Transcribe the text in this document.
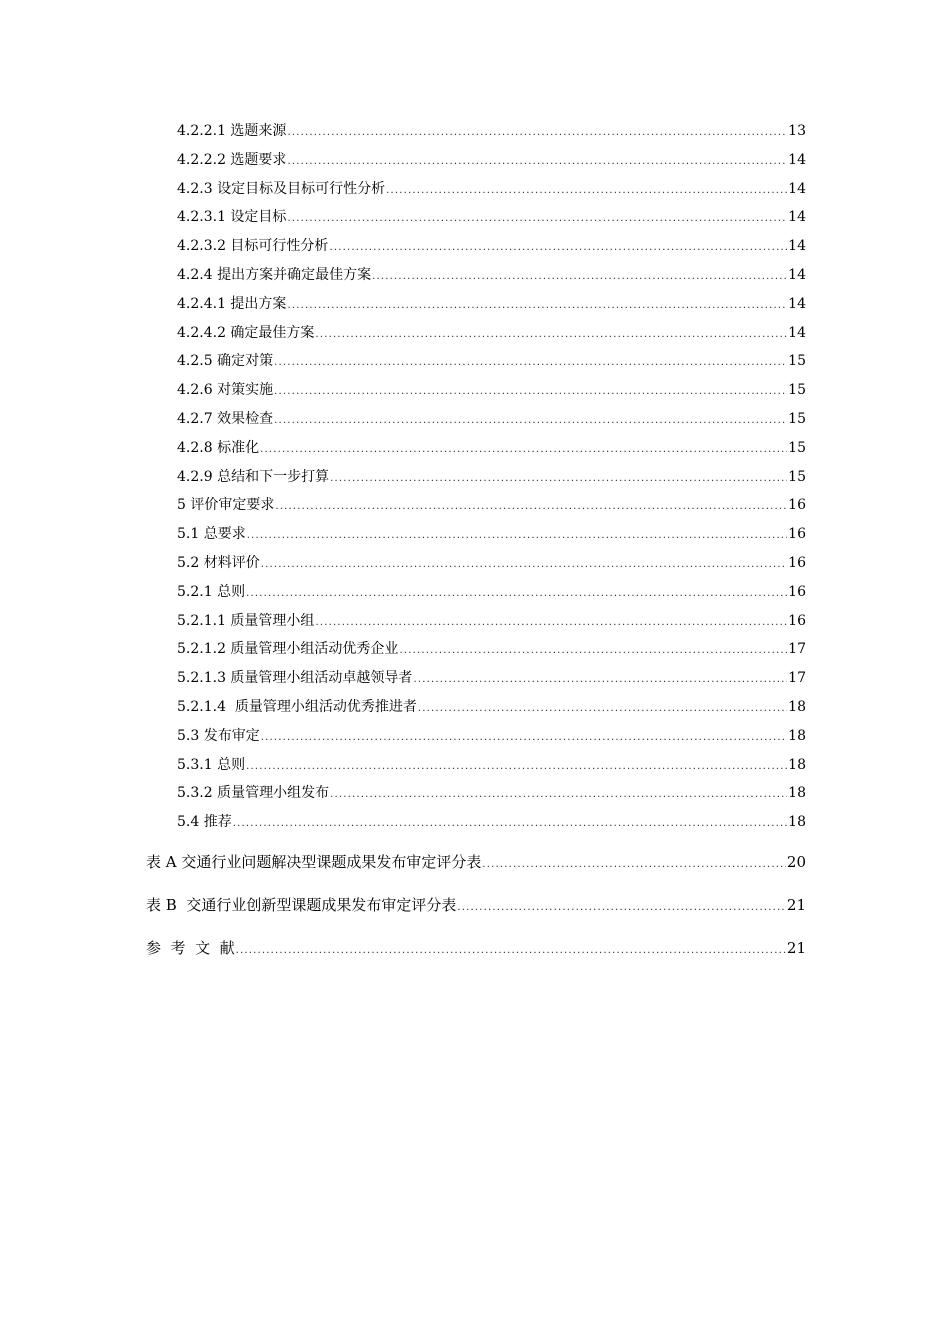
4.2.2.1 选题来源 .....	13
4.2.2.2 选题要求 .....	14
4.2.3 设定目标及目标可行性分析 .....	14
4.2.3.1 设定目标 .....	14
4.2.3.2 目标可行性分析 .....	14
4.2.4 提出方案并确定最佳方案 .....	14
4.2.4.1 提出方案 .....	14
4.2.4.2 确定最佳方案 .....	14
4.2.5 确定对策 .....	15
4.2.6 对策实施 .....	15
4.2.7 效果检查 .....	15
4.2.8 标准化 .....	15
4.2.9 总结和下一步打算 .....	15
5 评价审定要求 .....	16
5.1 总要求 .....	16
5.2 材料评价 .....	16
5.2.1 总则 .....	16
5.2.1.1 质量管理小组 .....	16
5.2.1.2 质量管理小组活动优秀企业 .....	17
5.2.1.3 质量管理小组活动卓越领导者 .....	17
5.2.1.4  质量管理小组活动优秀推进者 .....	18
5.3 发布审定 .....	18
5.3.1 总则 .....	18
5.3.2 质量管理小组发布 .....	18
5.4 推荐 .....	18
表 A 交通行业问题解决型课题成果发布审定评分表 .....	20
表 B  交通行业创新型课题成果发布审定评分表 .....	21
参  考  文  献 .....	21
